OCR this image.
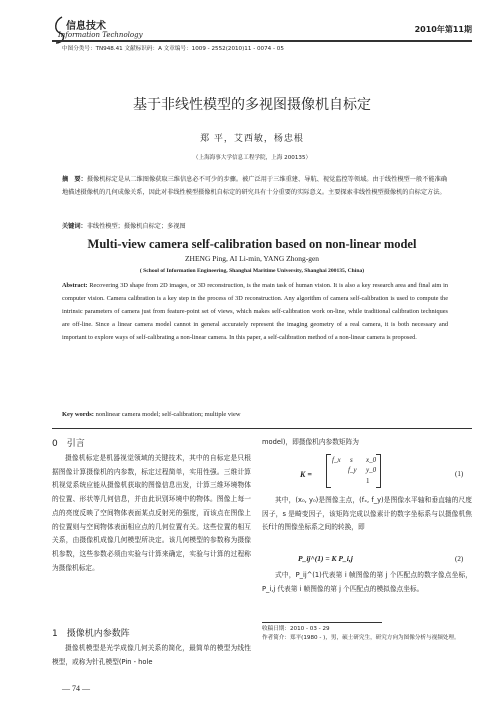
信息技术
Information Technology
2010年第11期
中图分类号：TN948.41 文献标识码：A 文章编号：1009 - 2552(2010)11 - 0074 - 05
基于非线性模型的多视图摄像机自标定
郑 平，艾西敏，杨忠根
（上海海事大学信息工程学院，上海 200135）
摘　要：摄像机标定是从二维图像获取三维信息必不可少的步骤。被广泛用于三维重建、导航、视觉监控等领域。由于线性模型一般不能准确地描述摄像机的几何成像关系，因此对非线性模型摄像机自标定的研究具有十分重要的实际意义。主要探索非线性模型摄像机的自标定方法。
关键词：非线性模型；摄像机自标定；多视图
Multi-view camera self-calibration based on non-linear model
ZHENG Ping, AI Li-min, YANG Zhong-gen
( School of Information Engineering, Shanghai Maritime University, Shanghai 200135, China)
Abstract: Recovering 3D shape from 2D images, or 3D reconstruction, is the main task of human vision. It is also a key research area and final aim in computer vision. Camera calibration is a key step in the process of 3D reconstruction. Any algorithm of camera self-calibration is used to compute the intrinsic parameters of camera just from feature-point set of views, which makes self-calibration work on-line, while traditional calibration techniques are off-line. Since a linear camera model cannot in general accurately represent the imaging geometry of a real camera, it is both necessary and important to explore ways of self-calibrating a non-linear camera. In this paper, a self-calibration method of a non-linear camera is proposed.
Key words: nonlinear camera model; self-calibration; multiple view
0　引言
摄像机标定是机器视觉领域的关键技术，其中的自标定是只根据图像计算摄像机的内参数，标定过程简单，实用性强。三维计算机视觉系统应能从摄像机获取的图像信息出发，计算三维环境物体的位置、形状等几何信息，并由此识别环境中的物体。图像上每一点的亮度反映了空间物体表面某点反射光的强度，而该点在图像上的位置则与空间物体表面相应点的几何位置有关。这些位置的相互关系，由摄像机成像几何模型所决定。该几何模型的参数称为摄像机参数，这些参数必须由实验与计算来确定，实验与计算的过程称为摄像机标定。
1　摄像机内参数阵
摄像机模型是光学成像几何关系的简化，最简单的模型为线性模型，或称为针孔模型(Pin - hole
model)，即摄像机内参数矩阵为
K =
f_x s x_0
f_y y_0
1
(1)
其中，(x₀, y₀)是图像主点，(fₓ, f_y)是图像水平轴和垂直轴的尺度因子，s 是畸变因子，该矩阵完成以像素计的数字坐标系与以摄像机焦长f计的图像坐标系之间的转换，即
P_ij^(1) = K P_i,j	(2)
式中，P_ij^(1)代表第 i 帧图像的第 j 个匹配点的数字像点坐标，P_i,j 代表第 i 帧图像的第 j 个匹配点的模拟像点坐标。
收稿日期：2010 - 03 - 29
作者简介：郑平(1980 - )，男，硕士研究生，研究方向为图像分析与视频处理。
— 74 —
